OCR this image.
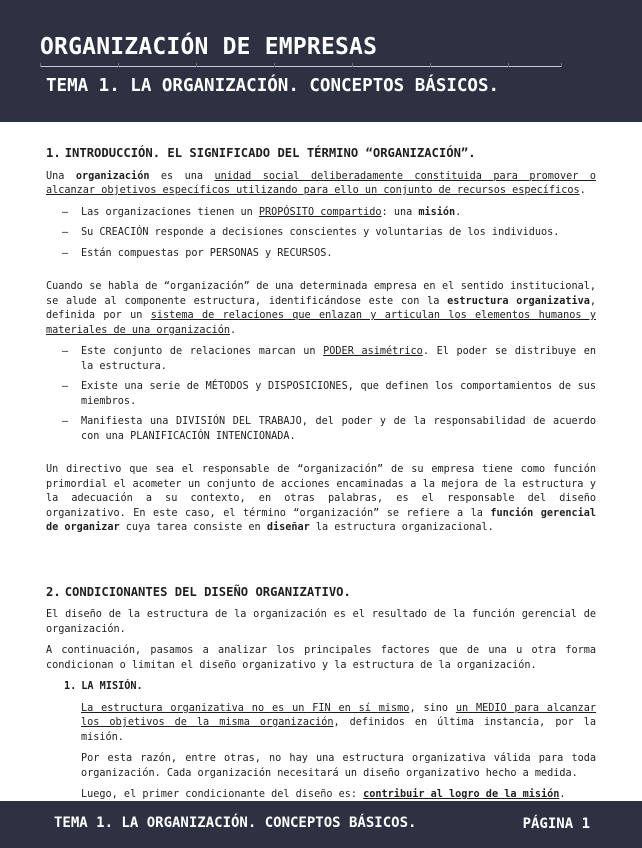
ORGANIZACIÓN DE EMPRESAS
TEMA 1. LA ORGANIZACIÓN. CONCEPTOS BÁSICOS.
1. INTRODUCCIÓN. EL SIGNIFICADO DEL TÉRMINO “ORGANIZACIÓN”.

Una organización es una unidad social deliberadamente constituida para promover o alcanzar objetivos específicos utilizando para ello un conjunto de recursos específicos.

– Las organizaciones tienen un PROPÓSITO compartido: una misión.
– Su CREACIÓN responde a decisiones conscientes y voluntarias de los individuos.
– Están compuestas por PERSONAS y RECURSOS.

Cuando se habla de “organización” de una determinada empresa en el sentido institucional, se alude al componente estructura, identificándose este con la estructura organizativa, definida por un sistema de relaciones que enlazan y articulan los elementos humanos y materiales de una organización.

– Este conjunto de relaciones marcan un PODER asimétrico. El poder se distribuye en la estructura.
– Existe una serie de MÉTODOS y DISPOSICIONES, que definen los comportamientos de sus miembros.
– Manifiesta una DIVISIÓN DEL TRABAJO, del poder y de la responsabilidad de acuerdo con una PLANIFICACIÓN INTENCIONADA.

Un directivo que sea el responsable de “organización” de su empresa tiene como función primordial el acometer un conjunto de acciones encaminadas a la mejora de la estructura y la adecuación a su contexto, en otras palabras, es el responsable del diseño organizativo. En este caso, el término “organización” se refiere a la función gerencial de organizar cuya tarea consiste en diseñar la estructura organizacional.

2. CONDICIONANTES DEL DISEÑO ORGANIZATIVO.

El diseño de la estructura de la organización es el resultado de la función gerencial de organización.

A continuación, pasamos a analizar los principales factores que de una u otra forma condicionan o limitan el diseño organizativo y la estructura de la organización.

1. LA MISIÓN.

La estructura organizativa no es un FIN en sí mismo, sino un MEDIO para alcanzar los objetivos de la misma organización, definidos en última instancia, por la misión.

Por esta razón, entre otras, no hay una estructura organizativa válida para toda organización. Cada organización necesitará un diseño organizativo hecho a medida.

Luego, el primer condicionante del diseño es: contribuir al logro de la misión.

TEMA 1. LA ORGANIZACIÓN. CONCEPTOS BÁSICOS.	PÁGINA 1
